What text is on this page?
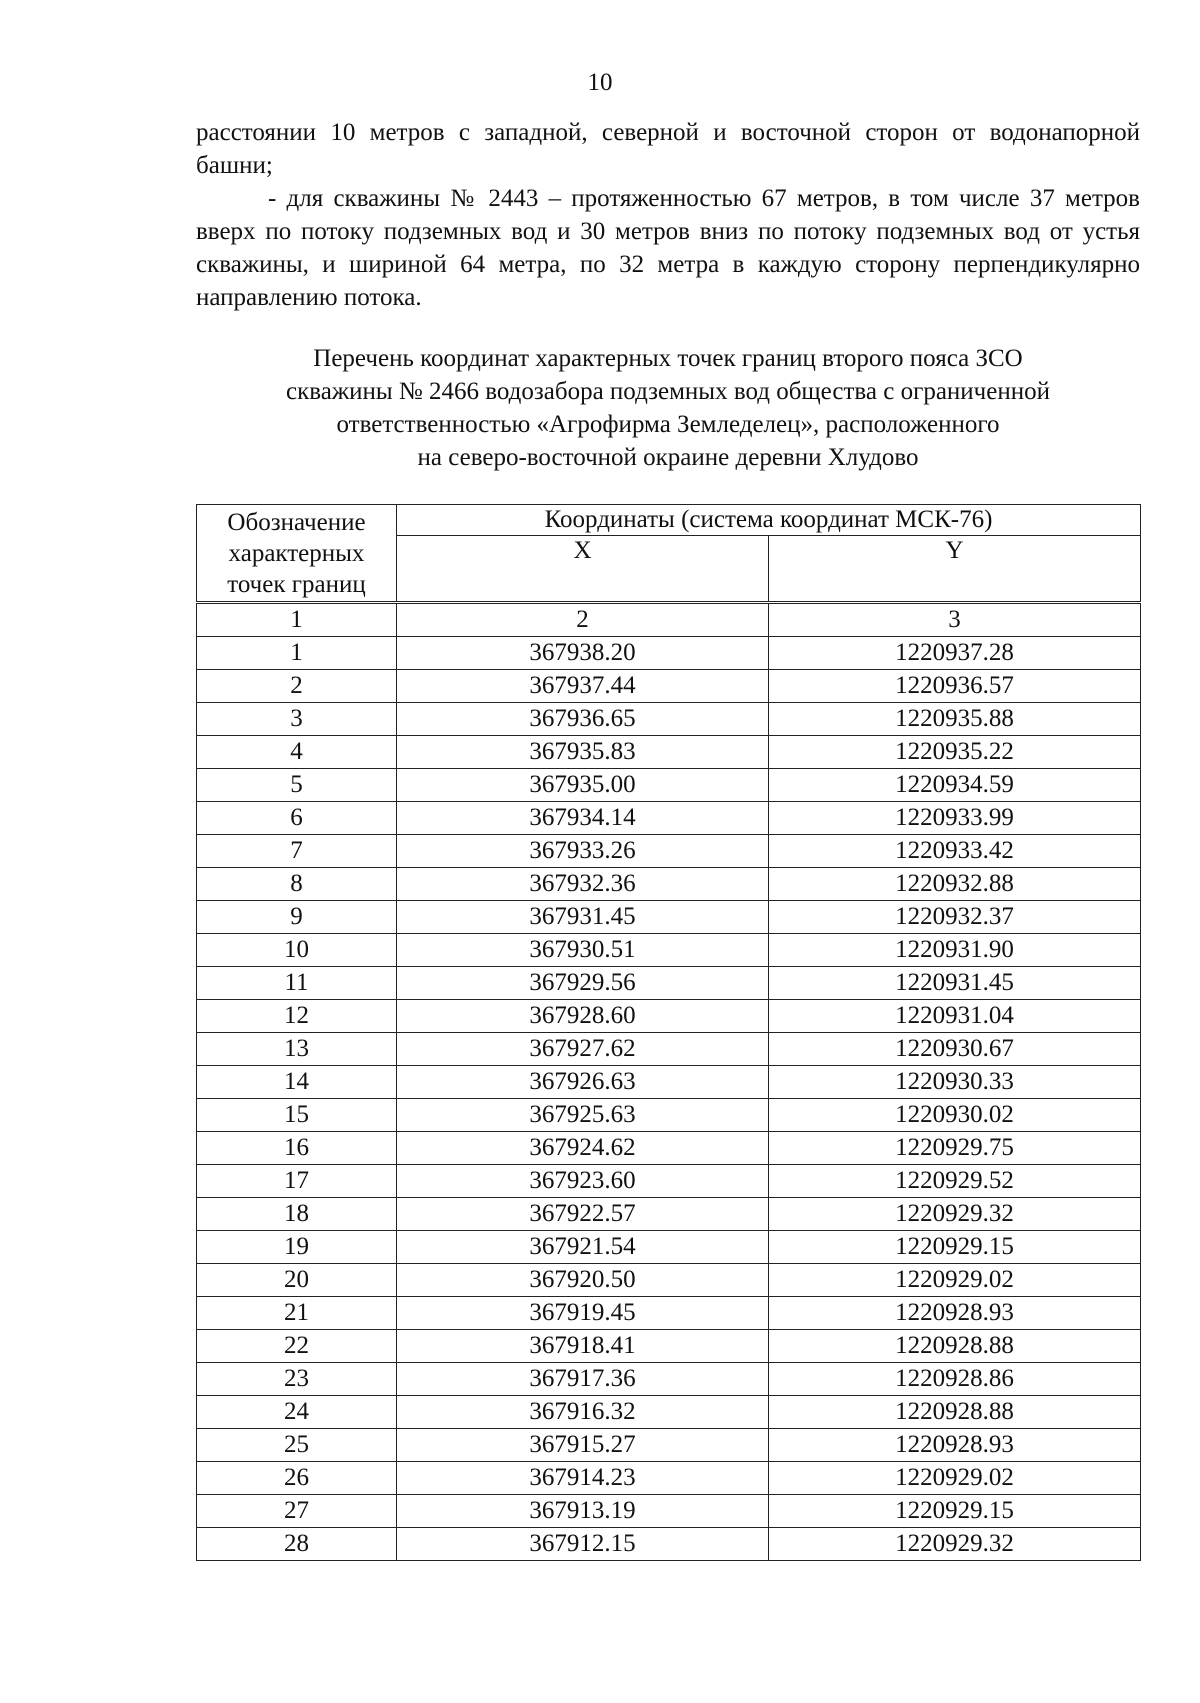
10

расстоянии 10 метров с западной, северной и восточной сторон от водонапорной башни;

- для скважины № 2443 – протяженностью 67 метров, в том числе 37 метров вверх по потоку подземных вод и 30 метров вниз по потоку подземных вод от устья скважины, и шириной 64 метра, по 32 метра в каждую сторону перпендикулярно направлению потока.

Перечень координат характерных точек границ второго пояса ЗСО
скважины № 2466 водозабора подземных вод общества с ограниченной
ответственностью «Агрофирма Земледелец», расположенного
на северо-восточной окраине деревни Хлудово
Обозначение характерных точек границ	Координаты (система координат МСК-76)	
	X	Y
1	2	3
1	367938.20	1220937.28
2	367937.44	1220936.57
3	367936.65	1220935.88
4	367935.83	1220935.22
5	367935.00	1220934.59
6	367934.14	1220933.99
7	367933.26	1220933.42
8	367932.36	1220932.88
9	367931.45	1220932.37
10	367930.51	1220931.90
11	367929.56	1220931.45
12	367928.60	1220931.04
13	367927.62	1220930.67
14	367926.63	1220930.33
15	367925.63	1220930.02
16	367924.62	1220929.75
17	367923.60	1220929.52
18	367922.57	1220929.32
19	367921.54	1220929.15
20	367920.50	1220929.02
21	367919.45	1220928.93
22	367918.41	1220928.88
23	367917.36	1220928.86
24	367916.32	1220928.88
25	367915.27	1220928.93
26	367914.23	1220929.02
27	367913.19	1220929.15
28	367912.15	1220929.32
